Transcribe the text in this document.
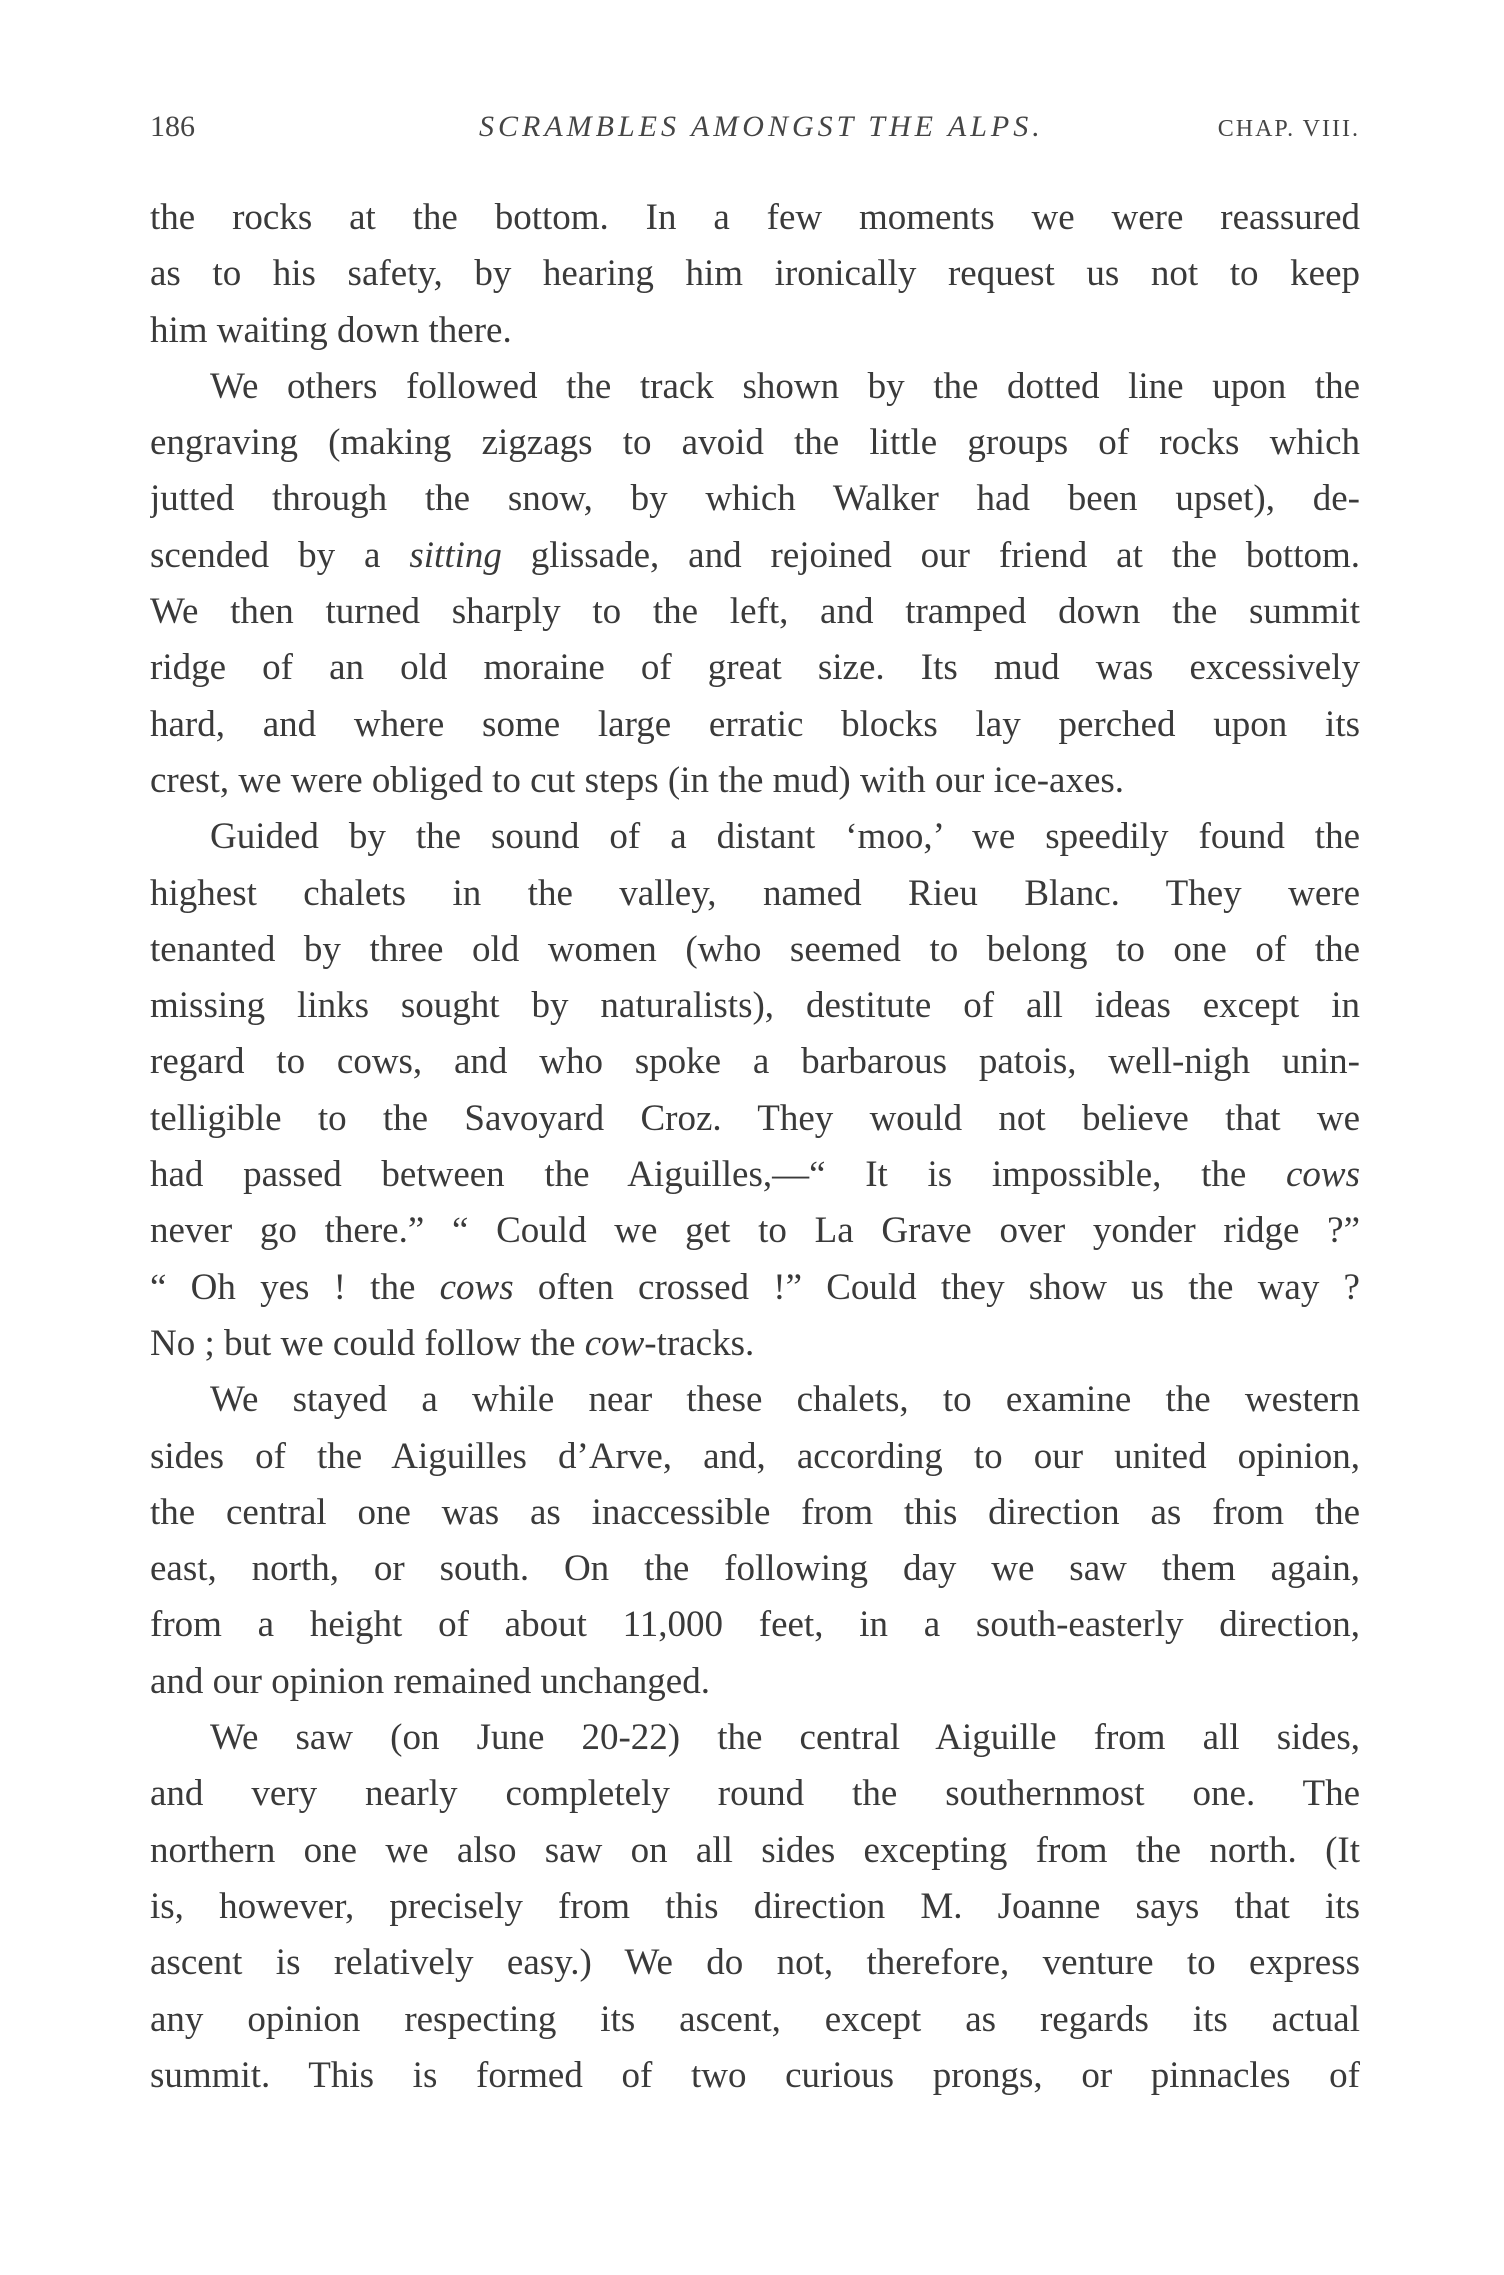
186	SCRAMBLES AMONGST THE ALPS.	CHAP. VIII.
the rocks at the bottom. In a few moments we were reassured
as to his safety, by hearing him ironically request us not to keep
him waiting down there.
We others followed the track shown by the dotted line upon the
engraving (making zigzags to avoid the little groups of rocks which
jutted through the snow, by which Walker had been upset), de-
scended by a sitting glissade, and rejoined our friend at the bottom.
We then turned sharply to the left, and tramped down the summit
ridge of an old moraine of great size. Its mud was excessively
hard, and where some large erratic blocks lay perched upon its
crest, we were obliged to cut steps (in the mud) with our ice-axes.
Guided by the sound of a distant ‘moo,’ we speedily found the
highest chalets in the valley, named Rieu Blanc. They were
tenanted by three old women (who seemed to belong to one of the
missing links sought by naturalists), destitute of all ideas except in
regard to cows, and who spoke a barbarous patois, well-nigh unin-
telligible to the Savoyard Croz. They would not believe that we
had passed between the Aiguilles,—“ It is impossible, the cows
never go there.” “ Could we get to La Grave over yonder ridge ?”
“ Oh yes ! the cows often crossed !” Could they show us the way ?
No ; but we could follow the cow-tracks.
We stayed a while near these chalets, to examine the western
sides of the Aiguilles d’Arve, and, according to our united opinion,
the central one was as inaccessible from this direction as from the
east, north, or south. On the following day we saw them again,
from a height of about 11,000 feet, in a south-easterly direction,
and our opinion remained unchanged.
We saw (on June 20-22) the central Aiguille from all sides,
and very nearly completely round the southernmost one. The
northern one we also saw on all sides excepting from the north. (It
is, however, precisely from this direction M. Joanne says that its
ascent is relatively easy.) We do not, therefore, venture to express
any opinion respecting its ascent, except as regards its actual
summit. This is formed of two curious prongs, or pinnacles of
